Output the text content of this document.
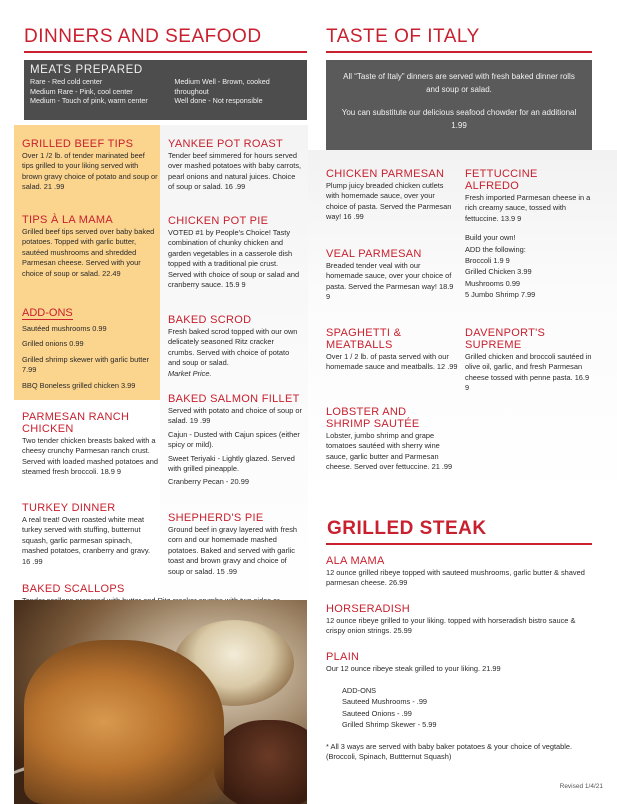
DINNERS AND SEAFOOD	TASTE OF ITALY
MEATS PREPARED
Rare - Red cold center
Medium Rare - Pink, cool center
Medium - Touch of pink, warm center
Medium Well - Brown, cooked throughout
Well done - Not responsible

All “Taste of Italy” dinners are served with fresh baked dinner rolls and soup or salad.

You can substitute our delicious seafood chowder for an additional 1.99

GRILLED BEEF TIPS
Over 1 /2 lb. of tender marinated beef tips grilled to your liking served with brown gravy choice of potato and soup or salad. 21 .99
TIPS À LA MAMA
Grilled beef tips served over baby baked potatoes. Topped with garlic butter, sautéed mushrooms and shredded Parmesan cheese. Served with your choice of soup or salad. 22.49
ADD-ONS
Sautéed mushrooms 0.99
Grilled onions 0.99
Grilled shrimp skewer with garlic butter 7.99
BBQ Boneless grilled chicken 3.99
PARMESAN RANCH CHICKEN
Two tender chicken breasts baked with a cheesy crunchy Parmesan ranch crust. Served with loaded mashed potatoes and steamed fresh broccoli. 18.9 9
TURKEY DINNER
A real treat! Oven roasted white meat turkey served with stuffing, butternut squash, garlic parmesan spinach, mashed potatoes, cranberry and gravy. 16 .99
BAKED SCALLOPS
YANKEE POT ROAST
Tender beef simmered for hours served over mashed potatoes with baby carrots, pearl onions and natural juices. Choice of soup or salad. 16 .99
CHICKEN POT PIE
VOTED #1 by People's Choice! Tasty combination of chunky chicken and garden vegetables in a casserole dish topped with a traditional pie crust. Served with choice of soup or salad and cranberry sauce. 15.9 9
BAKED SCROD
Fresh baked scrod topped with our own delicately seasoned Ritz cracker crumbs. Served with choice of potato and soup or salad.
Market Price.
BAKED SALMON FILLET
Served with potato and choice of soup or salad. 19 .99
Cajun - Dusted with Cajun spices (either spicy or mild).
Sweet Teriyaki - Lightly glazed. Served with grilled pineapple.
Cranberry Pecan - 20.99
SHEPHERD'S PIE
Ground beef in gravy layered with fresh corn and our homemade mashed potatoes. Baked and served with garlic toast and brown gravy and choice of soup or salad. 15 .99
CHICKEN PARMESAN
Plump juicy breaded chicken cutlets with homemade sauce, over your choice of pasta. Served the Parmesan way! 16 .99
FETTUCCINE ALFREDO
Fresh imported Parmesan cheese in a rich creamy sauce, tossed with fettuccine. 13.9 9
Build your own!
ADD the following:
Broccoli 1.9 9
Grilled Chicken 3.99
Mushrooms 0.99
5 Jumbo Shrimp 7.99
VEAL PARMESAN
Breaded tender veal with our homemade sauce, over your choice of pasta. Served the Parmesan way! 18.9 9
SPAGHETTI & MEATBALLS
Over 1 / 2 lb. of pasta served with our homemade sauce and meatballs. 12 .99
DAVENPORT'S SUPREME
Grilled chicken and broccoli sautéed in olive oil, garlic, and fresh Parmesan cheese tossed with penne pasta. 16.9 9
LOBSTER AND SHRIMP SAUTÉE
Lobster, jumbo shrimp and grape tomatoes sautéed with sherry wine sauce, garlic butter and Parmesan cheese. Served over fettuccine. 21 .99
GRILLED STEAK
ALA MAMA
12 ounce grilled ribeye topped with sauteed mushrooms, garlic butter & shaved parmesan cheese. 26.99
HORSERADISH
12 ounce ribeye grilled to your liking. topped with horseradish bistro sauce & crispy onion strings. 25.99
PLAIN
Our 12 ounce ribeye steak grilled to your liking. 21.99
ADD-ONS
Sauteed Mushrooms - .99
Sauteed Onions - .99
Grilled Shrimp Skewer - 5.99
* All 3 ways are served with baby baker potatoes & your choice of vegtable. (Broccoli, Spinach, Buttternut Squash)
Revised 1/4/21
